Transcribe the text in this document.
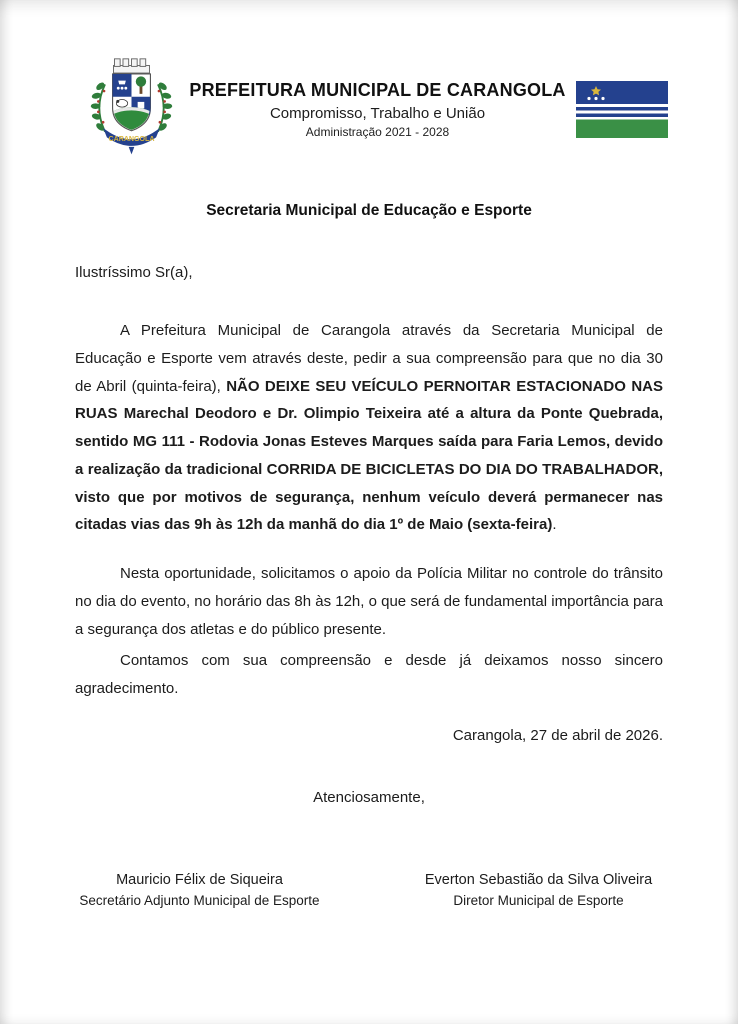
CARANGOLA
PREFEITURA MUNICIPAL DE CARANGOLA
Compromisso, Trabalho e União
Administração 2021 - 2028
Secretaria Municipal de Educação e Esporte
Ilustríssimo Sr(a),

A Prefeitura Municipal de Carangola através da Secretaria Municipal de Educação e Esporte vem através deste, pedir a sua compreensão para que no dia 30 de Abril (quinta-feira), NÃO DEIXE SEU VEÍCULO PERNOITAR ESTACIONADO NAS RUAS Marechal Deodoro e Dr. Olimpio Teixeira até a altura da Ponte Quebrada, sentido MG 111 - Rodovia Jonas Esteves Marques saída para Faria Lemos, devido a realização da tradicional CORRIDA DE BICICLETAS DO DIA DO TRABALHADOR, visto que por motivos de segurança, nenhum veículo deverá permanecer nas citadas vias das 9h às 12h da manhã do dia 1º de Maio (sexta-feira).

Nesta oportunidade, solicitamos o apoio da Polícia Militar no controle do trânsito no dia do evento, no horário das 8h às 12h, o que será de fundamental importância para a segurança dos atletas e do público presente.

Contamos com sua compreensão e desde já deixamos nosso sincero agradecimento.

Carangola, 27 de abril de 2026.
Atenciosamente,
Mauricio Félix de Siqueira
Secretário Adjunto Municipal de Esporte
Everton Sebastião da Silva Oliveira
Diretor Municipal de Esporte
